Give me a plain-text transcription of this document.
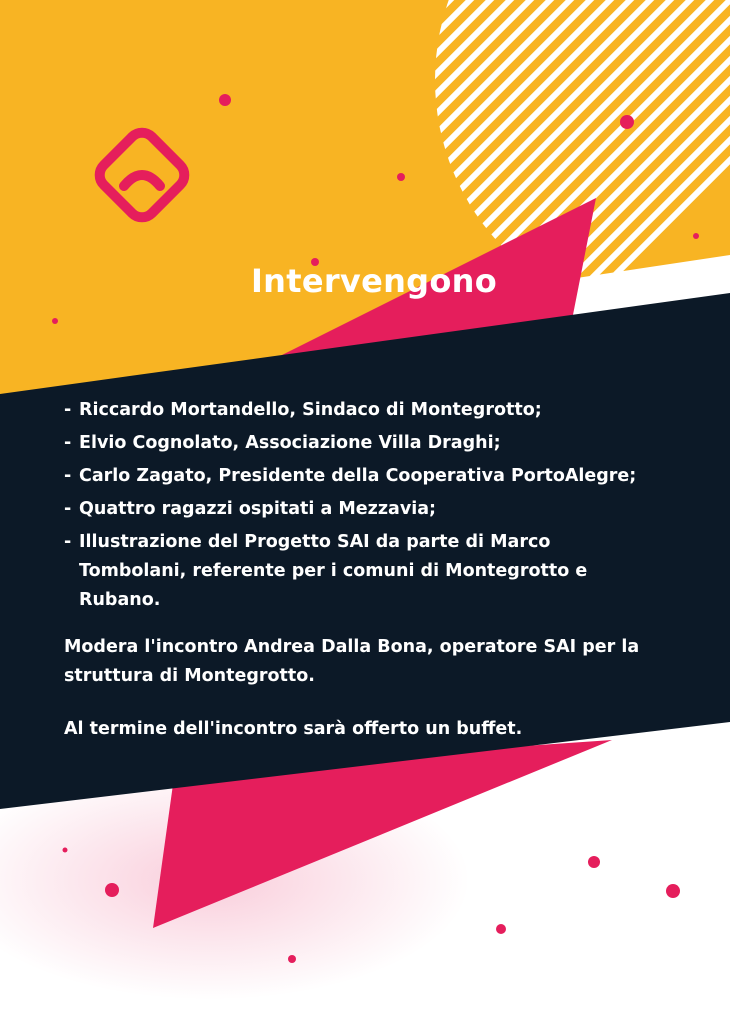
Intervengono
- Riccardo Mortandello, Sindaco di Montegrotto;
- Elvio Cognolato, Associazione Villa Draghi;
- Carlo Zagato, Presidente della Cooperativa PortoAlegre;
- Quattro ragazzi ospitati a Mezzavia;
- Illustrazione del Progetto SAI da parte di Marco Tombolani, referente per i comuni di Montegrotto e Rubano.

Modera l'incontro Andrea Dalla Bona, operatore SAI per la struttura di Montegrotto.

Al termine dell'incontro sarà offerto un buffet.
